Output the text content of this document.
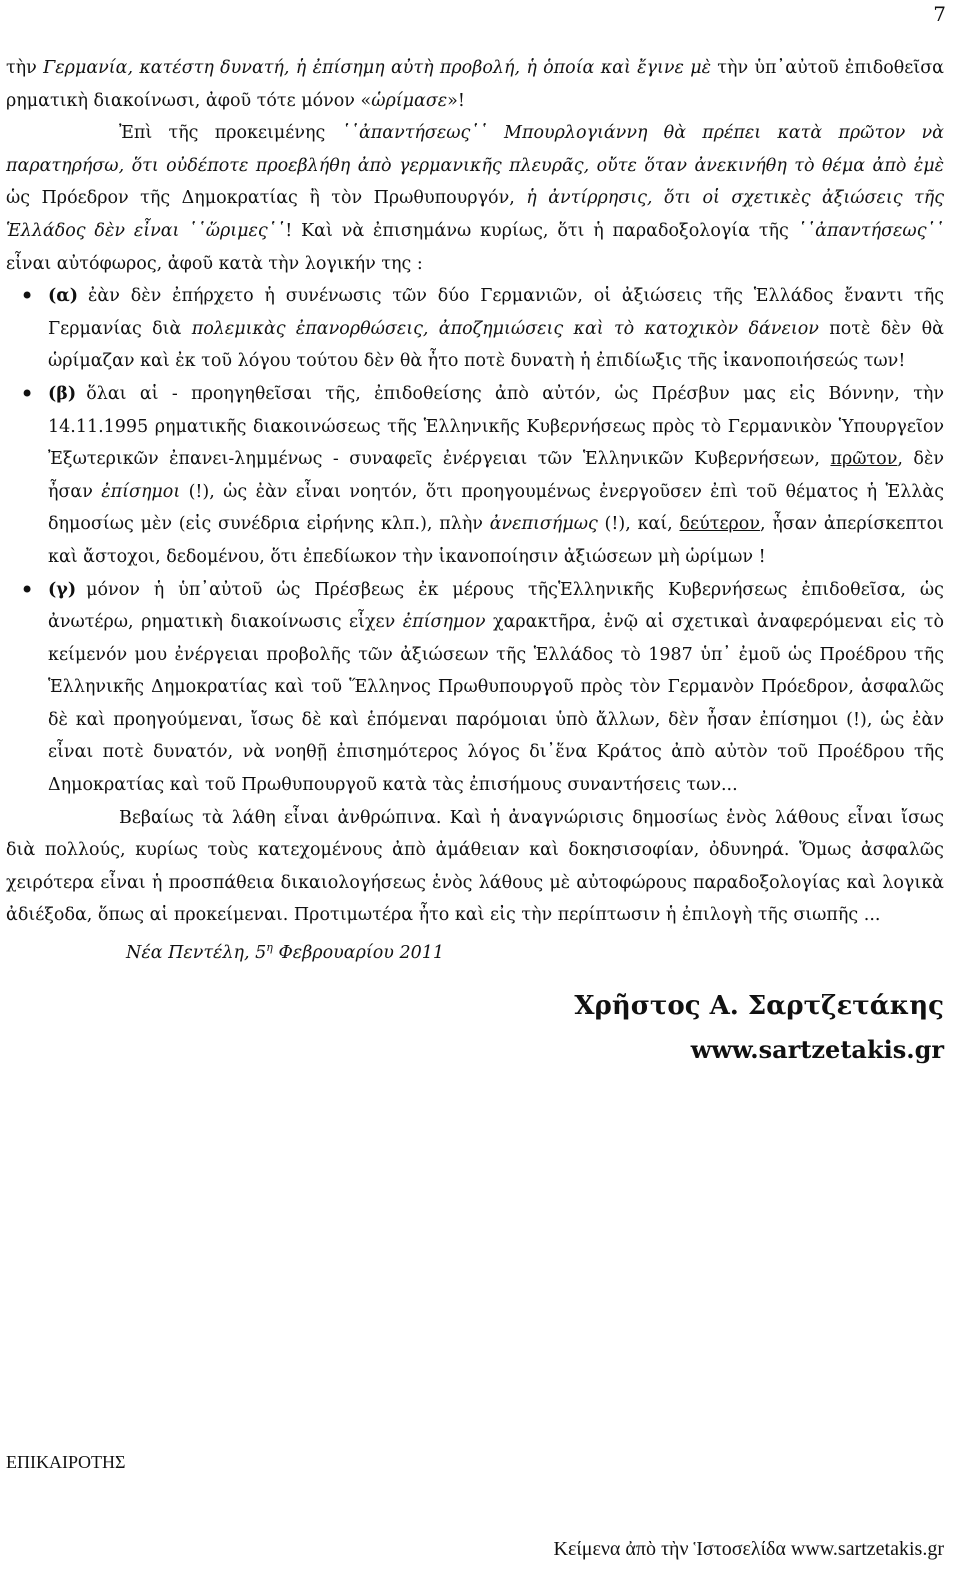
7

τὴν Γερμανία, κατέστη δυνατή, ἡ ἐπίσημη αὐτὴ προβολή, ἡ ὁποία καὶ ἔγινε μὲ τὴν ὑπ᾽αὐτοῦ ἐπιδοθεῖσα ρηματικὴ διακοίνωσι, ἀφοῦ τότε μόνον «ὡρίμασε»!

Ἐπὶ τῆς προκειμένης ῾῾ἀπαντήσεως῾῾ Μπουρλογιάννη θὰ πρέπει κατὰ πρῶτον νὰ παρατηρήσω, ὅτι οὐδέποτε προεβλήθη ἀπὸ γερμανικῆς πλευρᾶς, οὔτε ὅταν ἀνεκινήθη τὸ θέμα ἀπὸ ἐμὲ ὡς Πρόεδρον τῆς Δημοκρατίας ἢ τὸν Πρωθυπουργόν, ἡ ἀντίρρησις, ὅτι οἱ σχετικὲς ἀξιώσεις τῆς Ἑλλάδος δὲν εἶναι ῾῾ὥριμες῾῾! Καὶ νὰ ἐπισημάνω κυρίως, ὅτι ἡ παραδοξολογία τῆς ῾῾ἀπαντήσεως῾῾ εἶναι αὐτόφωρος, ἀφοῦ κατὰ τὴν λογικήν της :

• (α) ἐὰν δὲν ἐπήρχετο ἡ συνένωσις τῶν δύο Γερμανιῶν, οἱ ἀξιώσεις τῆς Ἑλλάδος ἔναντι τῆς Γερμανίας διὰ πολεμικὰς ἐπανορθώσεις, ἀποζημιώσεις καὶ τὸ κατοχικὸν δάνειον ποτὲ δὲν θὰ ὡρίμαζαν καὶ ἐκ τοῦ λόγου τούτου δὲν θὰ ἦτο ποτὲ δυνατὴ ἡ ἐπιδίωξις τῆς ἱκανοποιήσεώς των!
• (β) ὅλαι αἱ - προηγηθεῖσαι τῆς, ἐπιδοθείσης ἀπὸ αὐτόν, ὡς Πρέσβυν μας εἰς Βόννην, τὴν 14.11.1995 ρηματικῆς διακοινώσεως τῆς Ἑλληνικῆς Κυβερνήσεως πρὸς τὸ Γερμανικὸν Ὑπουργεῖον Ἐξωτερικῶν ἐπανει-λημμένως - συναφεῖς ἐνέργειαι τῶν Ἑλληνικῶν Κυβερνήσεων, πρῶτον, δὲν ἦσαν ἐπίσημοι (!), ὡς ἐὰν εἶναι νοητόν, ὅτι προηγουμένως ἐνεργοῦσεν ἐπὶ τοῦ θέματος ἡ Ἑλλὰς δημοσίως μὲν (εἰς συνέδρια εἰρήνης κλπ.), πλὴν ἀνεπισήμως (!), καί, δεύτερον, ἦσαν ἀπερίσκεπτοι καὶ ἄστοχοι, δεδομένου, ὅτι ἐπεδίωκον τὴν ἱκανοποίησιν ἀξιώσεων μὴ ὡρίμων !
• (γ) μόνον ἡ ὑπ᾽αὐτοῦ ὡς Πρέσβεως ἐκ μέρους τῆςἙλληνικῆς Κυβερνήσεως ἐπιδοθεῖσα, ὡς ἀνωτέρω, ρηματικὴ διακοίνωσις εἶχεν ἐπίσημον χαρακτῆρα, ἐνῷ αἱ σχετικαὶ ἀναφερόμεναι εἰς τὸ κείμενόν μου ἐνέργειαι προβολῆς τῶν ἀξιώσεων τῆς Ἑλλάδος τὸ 1987 ὑπ᾽ ἐμοῦ ὡς Προέδρου τῆς Ἑλληνικῆς Δημοκρατίας καὶ τοῦ Ἕλληνος Πρωθυπουργοῦ πρὸς τὸν Γερμανὸν Πρόεδρον, ἀσφαλῶς δὲ καὶ προηγούμεναι, ἴσως δὲ καὶ ἑπόμεναι παρόμοιαι ὑπὸ ἄλλων, δὲν ἦσαν ἐπίσημοι (!), ὡς ἐὰν εἶναι ποτὲ δυνατόν, νὰ νοηθῇ ἐπισημότερος λόγος δι᾽ἕνα Κράτος ἀπὸ αὐτὸν τοῦ Προέδρου τῆς Δημοκρατίας καὶ τοῦ Πρωθυπουργοῦ κατὰ τὰς ἐπισήμους συναντήσεις των...

Βεβαίως τὰ λάθη εἶναι ἀνθρώπινα. Καὶ ἡ ἀναγνώρισις δημοσίως ἑνὸς λάθους εἶναι ἴσως διὰ πολλούς, κυρίως τοὺς κατεχομένους ἀπὸ ἀμάθειαν καὶ δοκησισοφίαν, ὀδυνηρά. Ὅμως ἀσφαλῶς χειρότερα εἶναι ἡ προσπάθεια δικαιολογήσεως ἑνὸς λάθους μὲ αὐτοφώρους παραδοξολογίας καὶ λογικὰ ἀδιέξοδα, ὅπως αἱ προκείμεναι. Προτιμωτέρα ἦτο καὶ εἰς τὴν περίπτωσιν ἡ ἐπιλογὴ τῆς σιωπῆς ...

Νέα Πεντέλη, $5^\eta$ Φεβρουαρίου 2011

Χρῆστος Α. Σαρτζετάκης
www.sartzetakis.gr
ΕΠΙΚΑΙΡΟΤΗΣ
Κείμενα ἀπὸ τὴν Ἱστοσελίδα www.sartzetakis.gr
